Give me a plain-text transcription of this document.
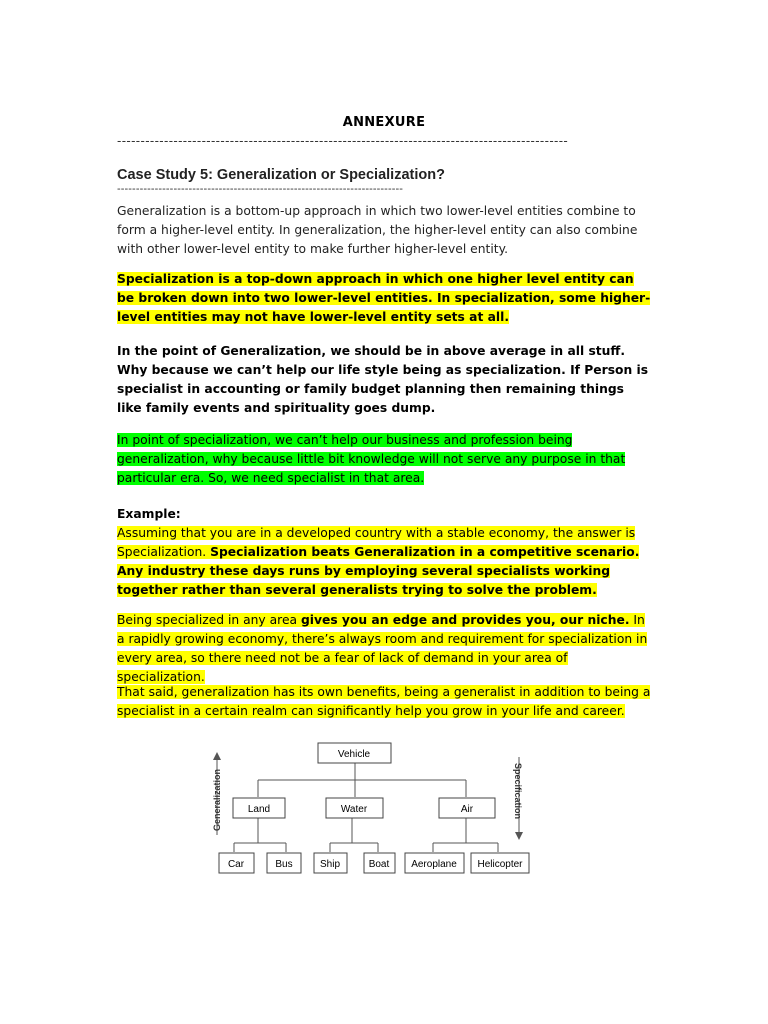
ANNEXURE
------------------------------------------------------------------------------------------------
Case Study 5: Generalization or Specialization?
----------------------------------------------------------------------------

Generalization is a bottom-up approach in which two lower-level entities combine to form a higher-level entity. In generalization, the higher-level entity can also combine with other lower-level entity to make further higher-level entity.

Specialization is a top-down approach in which one higher level entity can be broken down into two lower-level entities. In specialization, some higher-level entities may not have lower-level entity sets at all.

In the point of Generalization, we should be in above average in all stuff. Why because we can’t help our life style being as specialization. If Person is specialist in accounting or family budget planning then remaining things like family events and spirituality goes dump.

In point of specialization, we can’t help our business and profession being generalization, why because little bit knowledge will not serve any purpose in that particular era. So, we need specialist in that area.

Example:
Assuming that you are in a developed country with a stable economy, the answer is Specialization. Specialization beats Generalization in a competitive scenario. Any industry these days runs by employing several specialists working together rather than several generalists trying to solve the problem.

Being specialized in any area gives you an edge and provides you, our niche. In a rapidly growing economy, there’s always room and requirement for specialization in every area, so there need not be a fear of lack of demand in your area of specialization.

That said, generalization has its own benefits, being a generalist in addition to being a specialist in a certain realm can significantly help you grow in your life and career.

Vehicle
Land	Water	Air
Car	Bus	Ship	Boat Aeroplane Helicopter
Generalization	Specification
